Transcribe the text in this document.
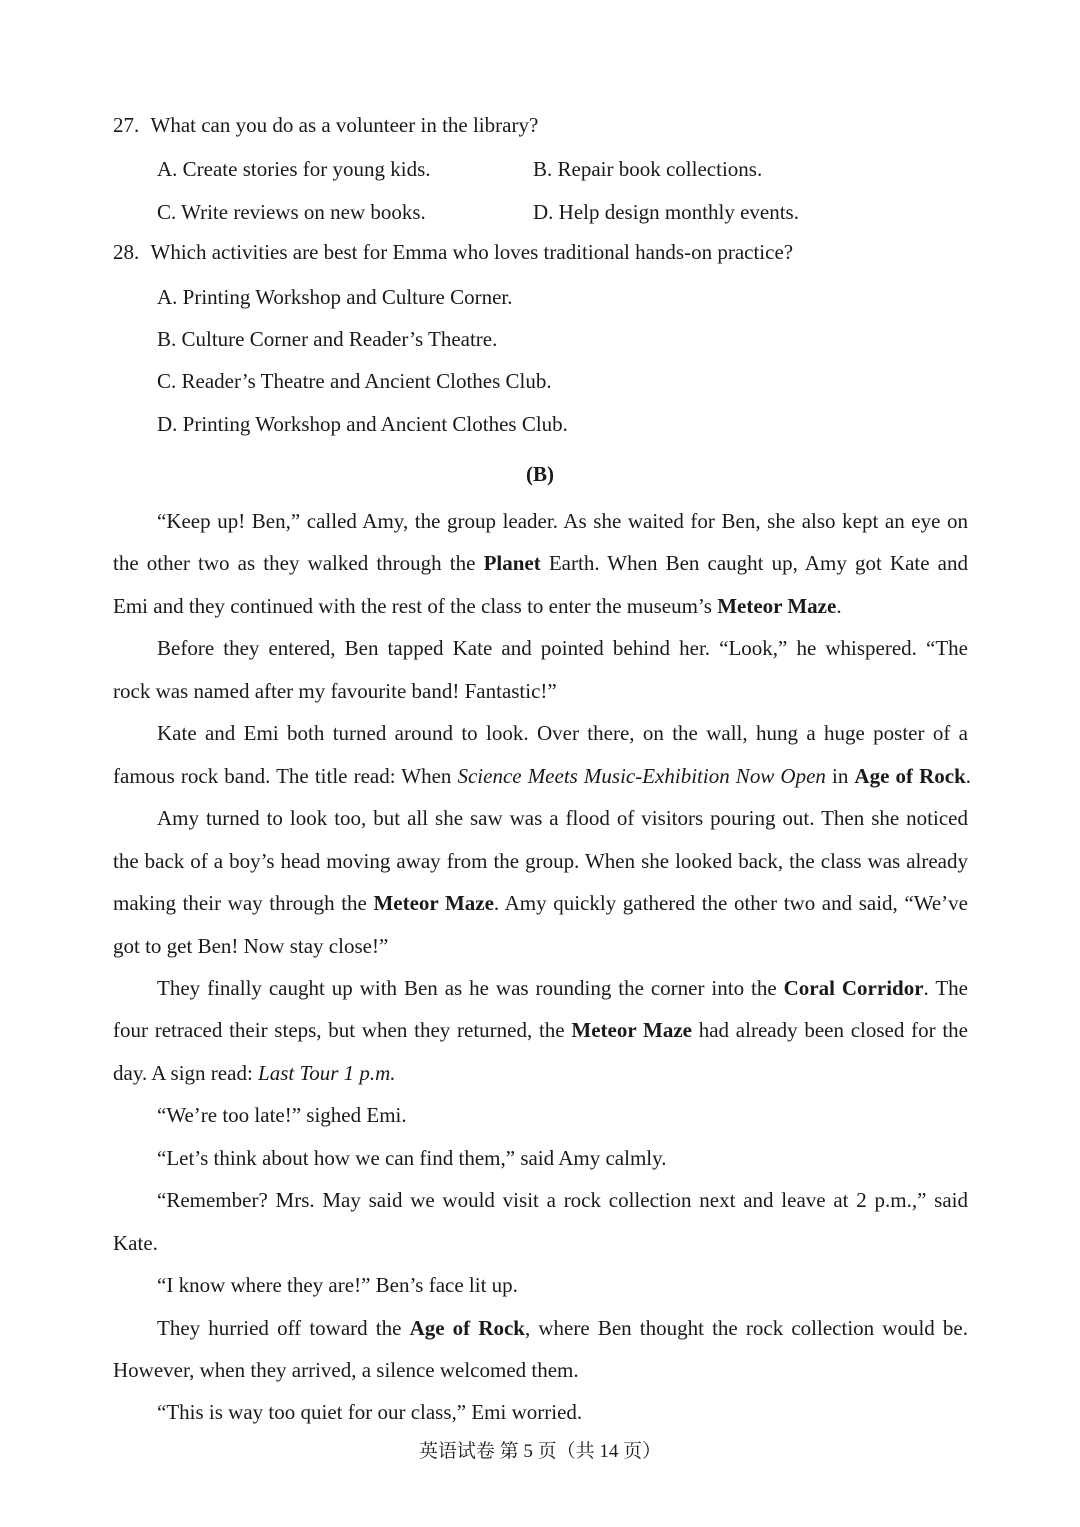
27. What can you do as a volunteer in the library?
A. Create stories for young kids.	B. Repair book collections.
C. Write reviews on new books.	D. Help design monthly events.
28. Which activities are best for Emma who loves traditional hands-on practice?
A. Printing Workshop and Culture Corner.
B. Culture Corner and Reader’s Theatre.
C. Reader’s Theatre and Ancient Clothes Club.
D. Printing Workshop and Ancient Clothes Club.
(B)
“Keep up! Ben,” called Amy, the group leader. As she waited for Ben, she also kept an eye on
the other two as they walked through the Planet Earth. When Ben caught up, Amy got Kate and
Emi and they continued with the rest of the class to enter the museum’s Meteor Maze.
Before they entered, Ben tapped Kate and pointed behind her. “Look,” he whispered. “The
rock was named after my favourite band! Fantastic!”
Kate and Emi both turned around to look. Over there, on the wall, hung a huge poster of a
famous rock band. The title read: When Science Meets Music-Exhibition Now Open in Age of Rock.
Amy turned to look too, but all she saw was a flood of visitors pouring out. Then she noticed
the back of a boy’s head moving away from the group. When she looked back, the class was already
making their way through the Meteor Maze. Amy quickly gathered the other two and said, “We’ve
got to get Ben! Now stay close!”
They finally caught up with Ben as he was rounding the corner into the Coral Corridor. The
four retraced their steps, but when they returned, the Meteor Maze had already been closed for the
day. A sign read: Last Tour 1 p.m.
“We’re too late!” sighed Emi.
“Let’s think about how we can find them,” said Amy calmly.
“Remember? Mrs. May said we would visit a rock collection next and leave at 2 p.m.,” said
Kate.
“I know where they are!” Ben’s face lit up.
They hurried off toward the Age of Rock, where Ben thought the rock collection would be.
However, when they arrived, a silence welcomed them.
“This is way too quiet for our class,” Emi worried.
英语试卷 第 5 页（共 14 页）
